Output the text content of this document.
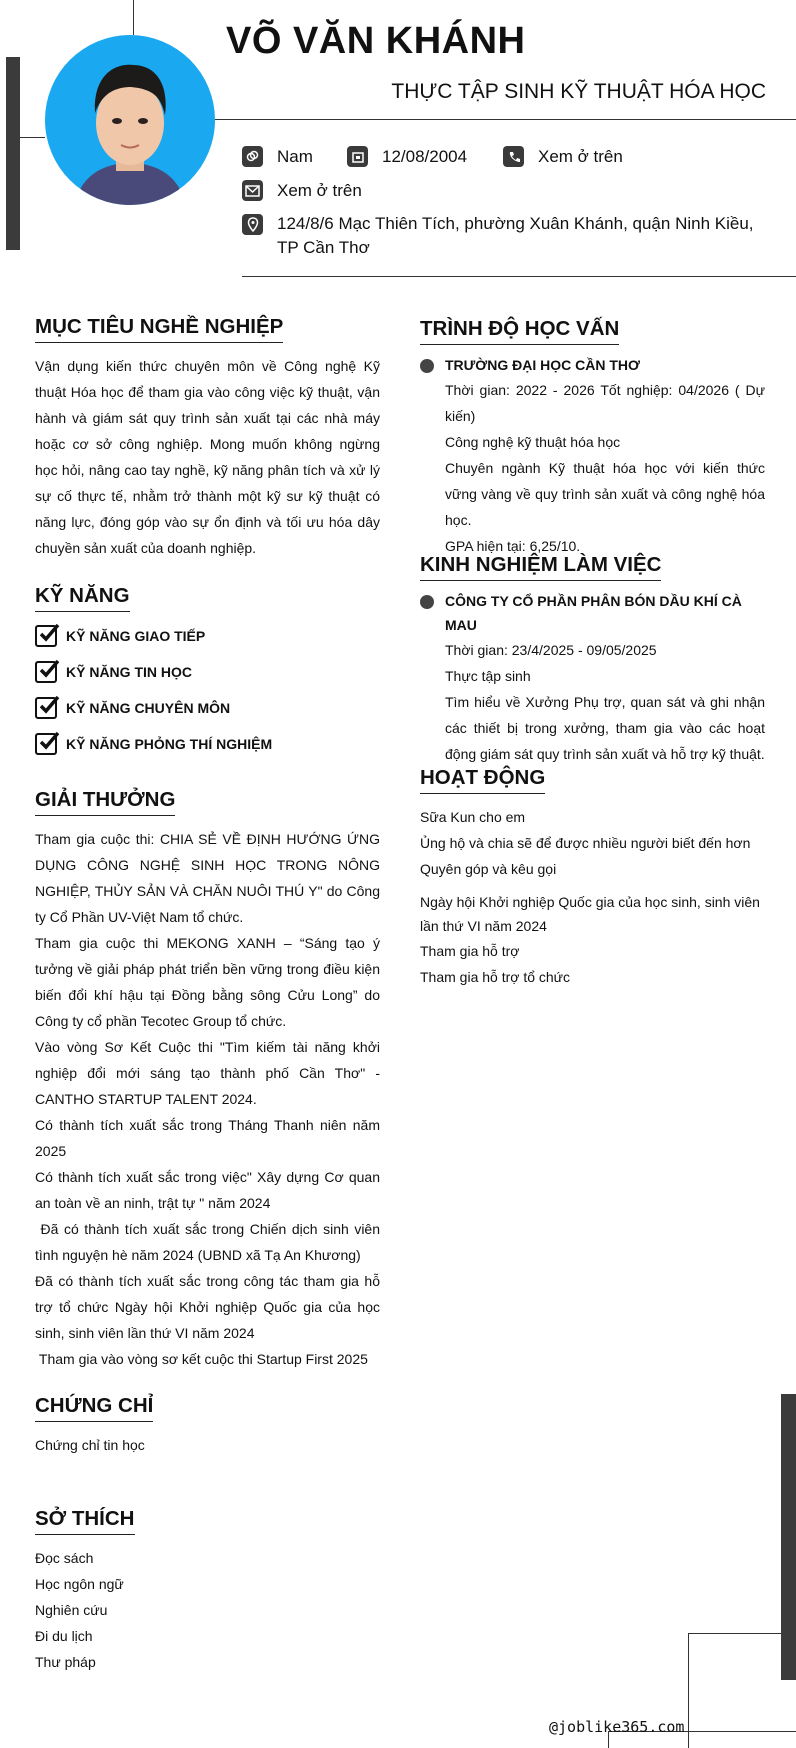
VÕ VĂN KHÁNH
THỰC TẬP SINH KỸ THUẬT HÓA HỌC
Nam	12/08/2004	Xem ở trên
Xem ở trên
124/8/6 Mạc Thiên Tích, phường Xuân Khánh, quận Ninh Kiều, TP Cần Thơ
MỤC TIÊU NGHỀ NGHIỆP

Vận dụng kiến thức chuyên môn về Công nghệ Kỹ thuật Hóa học để tham gia vào công việc kỹ thuật, vận hành và giám sát quy trình sản xuất tại các nhà máy hoặc cơ sở công nghiệp. Mong muốn không ngừng học hỏi, nâng cao tay nghề, kỹ năng phân tích và xử lý sự cố thực tế, nhằm trở thành một kỹ sư kỹ thuật có năng lực, đóng góp vào sự ổn định và tối ưu hóa dây chuyền sản xuất của doanh nghiệp.

KỸ NĂNG
KỸ NĂNG GIAO TIẾP
KỸ NĂNG TIN HỌC
KỸ NĂNG CHUYÊN MÔN
KỸ NĂNG PHỎNG THÍ NGHIỆM
GIẢI THƯỞNG

Tham gia cuộc thi: CHIA SẺ VỀ ĐỊNH HƯỚNG ỨNG DỤNG CÔNG NGHỆ SINH HỌC TRONG NÔNG NGHIỆP, THỦY SẢN VÀ CHĂN NUÔI THÚ Y" do Công ty Cổ Phần UV-Việt Nam tổ chức.

Tham gia cuộc thi MEKONG XANH – “Sáng tạo ý tưởng về giải pháp phát triển bền vững trong điều kiện biến đổi khí hậu tại Đồng bằng sông Cửu Long” do Công ty cổ phần Tecotec Group tổ chức.

Vào vòng Sơ Kết Cuộc thi "Tìm kiếm tài năng khởi nghiệp đổi mới sáng tạo thành phố Cần Thơ" - CANTHO STARTUP TALENT 2024.

Có thành tích xuất sắc trong Tháng Thanh niên năm 2025

Có thành tích xuất sắc trong việc" Xây dựng Cơ quan an toàn về an ninh, trật tự " năm 2024

Đã có thành tích xuất sắc trong Chiến dịch sinh viên tình nguyện hè năm 2024 (UBND xã Tạ An Khương)

Đã có thành tích xuất sắc trong công tác tham gia hỗ trợ tổ chức Ngày hội Khởi nghiệp Quốc gia của học sinh, sinh viên lần thứ VI năm 2024

Tham gia vào vòng sơ kết cuộc thi Startup First 2025

CHỨNG CHỈ

Chứng chỉ tin học

SỞ THÍCH

Đọc sách

Học ngôn ngữ

Nghiên cứu

Đi du lịch

Thư pháp

TRÌNH ĐỘ HỌC VẤN

TRƯỜNG ĐẠI HỌC CẦN THƠ

Thời gian: 2022 - 2026 Tốt nghiệp: 04/2026 ( Dự kiến)

Công nghệ kỹ thuật hóa học

Chuyên ngành Kỹ thuật hóa học với kiến thức vững vàng về quy trình sản xuất và công nghệ hóa học.

GPA hiện tại: 6,25/10.

KINH NGHIỆM LÀM VIỆC

CÔNG TY CỔ PHẦN PHÂN BÓN DẦU KHÍ CÀ MAU

Thời gian: 23/4/2025 - 09/05/2025

Thực tập sinh

Tìm hiểu về Xưởng Phụ trợ, quan sát và ghi nhận các thiết bị trong xưởng, tham gia vào các hoạt động giám sát quy trình sản xuất và hỗ trợ kỹ thuật.

HOẠT ĐỘNG

Sữa Kun cho em

Ủng hộ và chia sẽ để được nhiều người biết đến hơn

Quyên góp và kêu gọi

Ngày hội Khởi nghiệp Quốc gia của học sinh, sinh viên lần thứ VI năm 2024

Tham gia hỗ trợ

Tham gia hỗ trợ tổ chức

@joblike365.com
